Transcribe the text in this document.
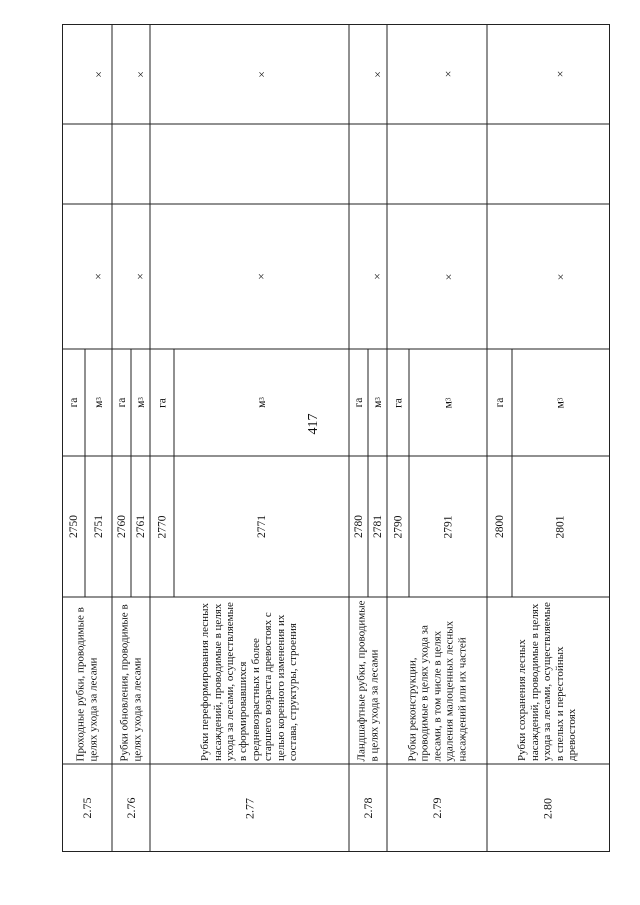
417
2.75
Проходные рубки, проводимые в целях ухода за лесами
2750
га
2751
м
3
×
×
2.76
Рубки обновления, проводимые в целях ухода за лесами
2760
га
2761
м
3
×
×
2.77
Рубки переформирования лесных насаждений, проводимые в целях ухода за лесами, осуществляемые в сформировавшихся средневозрастных и более старшего возраста древостоях с целью коренного изменения их состава, структуры, строения
2770
га
2771
м
3
×
×
2.78
Ландшафтные рубки, проводимые в целях ухода за лесами
2780
га
2781
м
3
×
×
2.79
Рубки реконструкции, проводимые в целях ухода за лесами, в том числе в целях удаления малоценных лесных насаждений или их частей
2790
га
2791
м
3
×
×
2.80
Рубки сохранения лесных насаждений, проводимые в целях ухода за лесами, осуществляемые в спелых и перестойных древостоях
2800
га
2801
м
3
×
×
